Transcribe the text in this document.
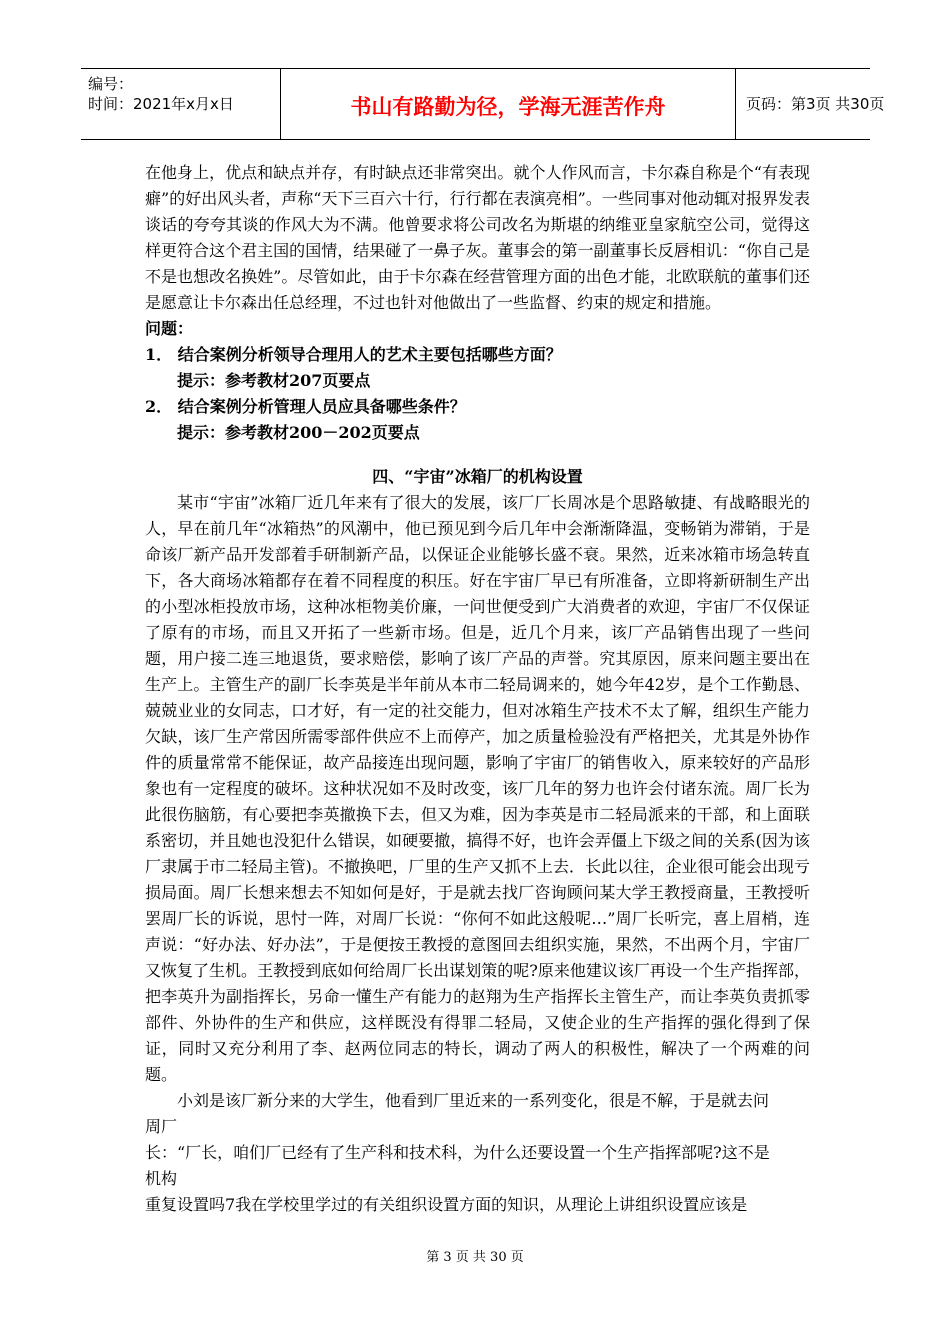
编号：
时间：2021年x月x日	书山有路勤为径，学海无涯苦作舟	页码：第3页 共30页

在他身上，优点和缺点并存，有时缺点还非常突出。就个人作风而言，卡尔森自称是个“有表现癖”的好出风头者，声称“天下三百六十行，行行都在表演亮相”。一些同事对他动辄对报界发表谈话的夸夸其谈的作风大为不满。他曾要求将公司改名为斯堪的纳维亚皇家航空公司，觉得这样更符合这个君主国的国情，结果碰了一鼻子灰。董事会的第一副董事长反唇相讥：“你自己是不是也想改名换姓”。尽管如此，由于卡尔森在经营管理方面的出色才能，北欧联航的董事们还是愿意让卡尔森出任总经理，不过也针对他做出了一些监督、约束的规定和措施。

问题：

1． 结合案例分析领导合理用人的艺术主要包括哪些方面？

提示：参考教材207页要点

2． 结合案例分析管理人员应具备哪些条件？

提示：参考教材200－202页要点

四、“宇宙”冰箱厂的机构设置

某市“宇宙”冰箱厂近几年来有了很大的发展，该厂厂长周冰是个思路敏捷、有战略眼光的人，早在前几年“冰箱热”的风潮中，他已预见到今后几年中会渐渐降温，变畅销为滞销，于是命该厂新产品开发部着手研制新产品，以保证企业能够长盛不衰。果然，近来冰箱市场急转直下，各大商场冰箱都存在着不同程度的积压。好在宇宙厂早已有所准备，立即将新研制生产出的小型冰柜投放市场，这种冰柜物美价廉，一问世便受到广大消费者的欢迎，宇宙厂不仅保证了原有的市场，而且又开拓了一些新市场。但是，近几个月来，该厂产品销售出现了一些问题，用户接二连三地退货，要求赔偿，影响了该厂产品的声誉。究其原因，原来问题主要出在生产上。主管生产的副厂长李英是半年前从本市二轻局调来的，她今年42岁，是个工作勤恳、兢兢业业的女同志，口才好，有一定的社交能力，但对冰箱生产技术不太了解，组织生产能力欠缺，该厂生产常因所需零部件供应不上而停产，加之质量检验没有严格把关，尤其是外协作件的质量常常不能保证，故产品接连出现问题，影响了宇宙厂的销售收入，原来较好的产品形象也有一定程度的破坏。这种状况如不及时改变，该厂几年的努力也许会付诸东流。周厂长为此很伤脑筋，有心要把李英撤换下去，但又为难，因为李英是市二轻局派来的干部，和上面联系密切，并且她也没犯什么错误，如硬要撤，搞得不好，也许会弄僵上下级之间的关系(因为该厂隶属于市二轻局主管)。不撤换吧，厂里的生产又抓不上去．长此以往，企业很可能会出现亏损局面。周厂长想来想去不知如何是好，于是就去找厂咨询顾问某大学王教授商量，王教授听罢周厂长的诉说，思忖一阵，对周厂长说：“你何不如此这般呢…”周厂长听完，喜上眉梢，连声说：“好办法、好办法”，于是便按王教授的意图回去组织实施，果然，不出两个月，宇宙厂又恢复了生机。王教授到底如何给周厂长出谋划策的呢?原来他建议该厂再设一个生产指挥部，把李英升为副指挥长，另命一懂生产有能力的赵翔为生产指挥长主管生产，而让李英负责抓零部件、外协件的生产和供应，这样既没有得罪二轻局，又使企业的生产指挥的强化得到了保证，同时又充分利用了李、赵两位同志的特长，调动了两人的积极性，解决了一个两难的问题。

小刘是该厂新分来的大学生，他看到厂里近来的一系列变化，很是不解，于是就去问

周厂

长：“厂长，咱们厂已经有了生产科和技术科，为什么还要设置一个生产指挥部呢?这不是

机构

重复设置吗7我在学校里学过的有关组织设置方面的知识，从理论上讲组织设置应该是

第 3 页 共 30 页
